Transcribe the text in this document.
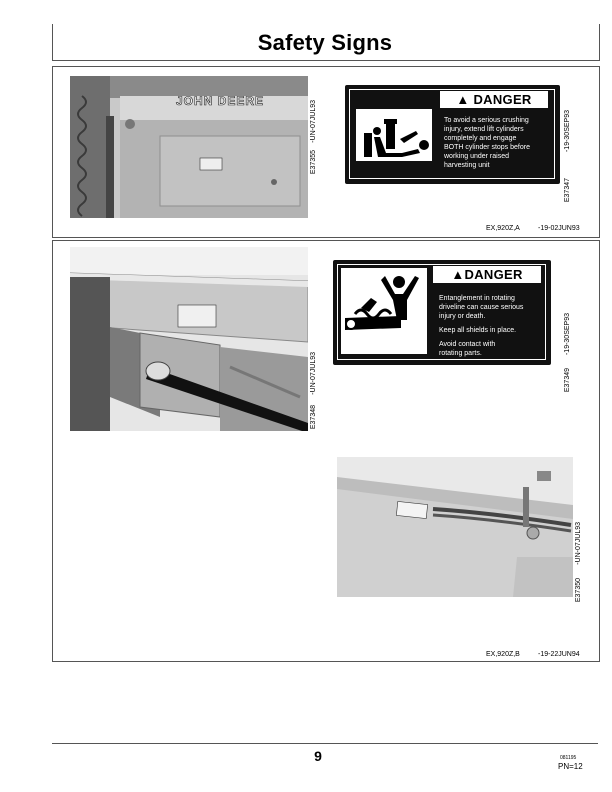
Safety Signs
JOHN DEERE
E37355
-UN-07JUL93
▲ DANGER
To avoid a serious crushing
injury, extend lift cylinders
completely and engage
BOTH cylinder stops before
working under raised
harvesting unit
-19-30SEP93
E37347
EX,920Z,A	-19-02JUN93
-UN-07JUL93
E37348
▲DANGER
Entanglement in rotating
driveline can cause serious
injury or death.
Keep all shields in place.
Avoid contact with
rotating parts.	-19-30SEP93
E37349
-UN-07JUL93
E37350
EX,920Z,B	-19-22JUN94
9	081195
PN=12
